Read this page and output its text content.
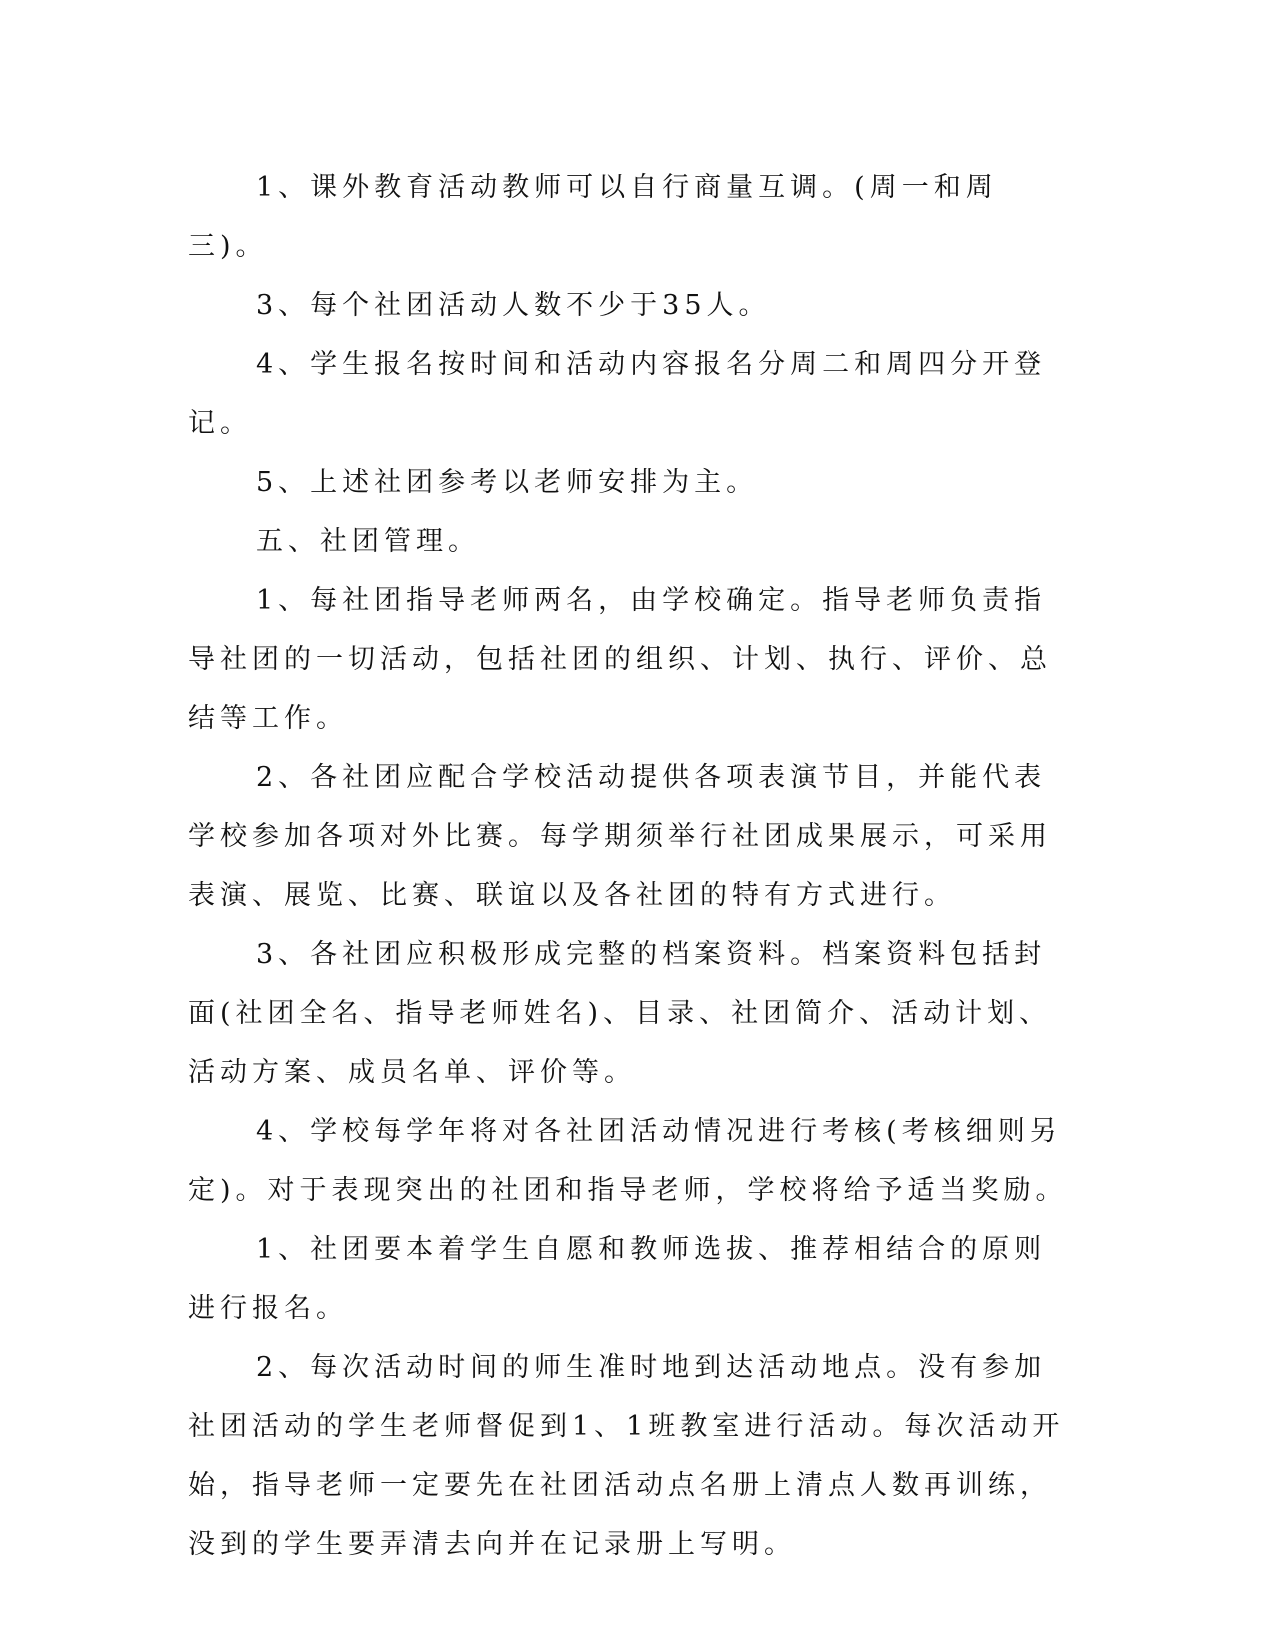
1、课外教育活动教师可以自行商量互调。(周一和周三)。

3、每个社团活动人数不少于35人。

4、学生报名按时间和活动内容报名分周二和周四分开登记。

5、上述社团参考以老师安排为主。

五、社团管理。

1、每社团指导老师两名，由学校确定。指导老师负责指导社团的一切活动，包括社团的组织、计划、执行、评价、总结等工作。

2、各社团应配合学校活动提供各项表演节目，并能代表学校参加各项对外比赛。每学期须举行社团成果展示，可采用表演、展览、比赛、联谊以及各社团的特有方式进行。

3、各社团应积极形成完整的档案资料。档案资料包括封面(社团全名、指导老师姓名)、目录、社团简介、活动计划、活动方案、成员名单、评价等。

4、学校每学年将对各社团活动情况进行考核(考核细则另定)。对于表现突出的社团和指导老师，学校将给予适当奖励。

1、社团要本着学生自愿和教师选拔、推荐相结合的原则进行报名。

2、每次活动时间的师生准时地到达活动地点。没有参加社团活动的学生老师督促到1、1班教室进行活动。每次活动开始，指导老师一定要先在社团活动点名册上清点人数再训练，没到的学生要弄清去向并在记录册上写明。
